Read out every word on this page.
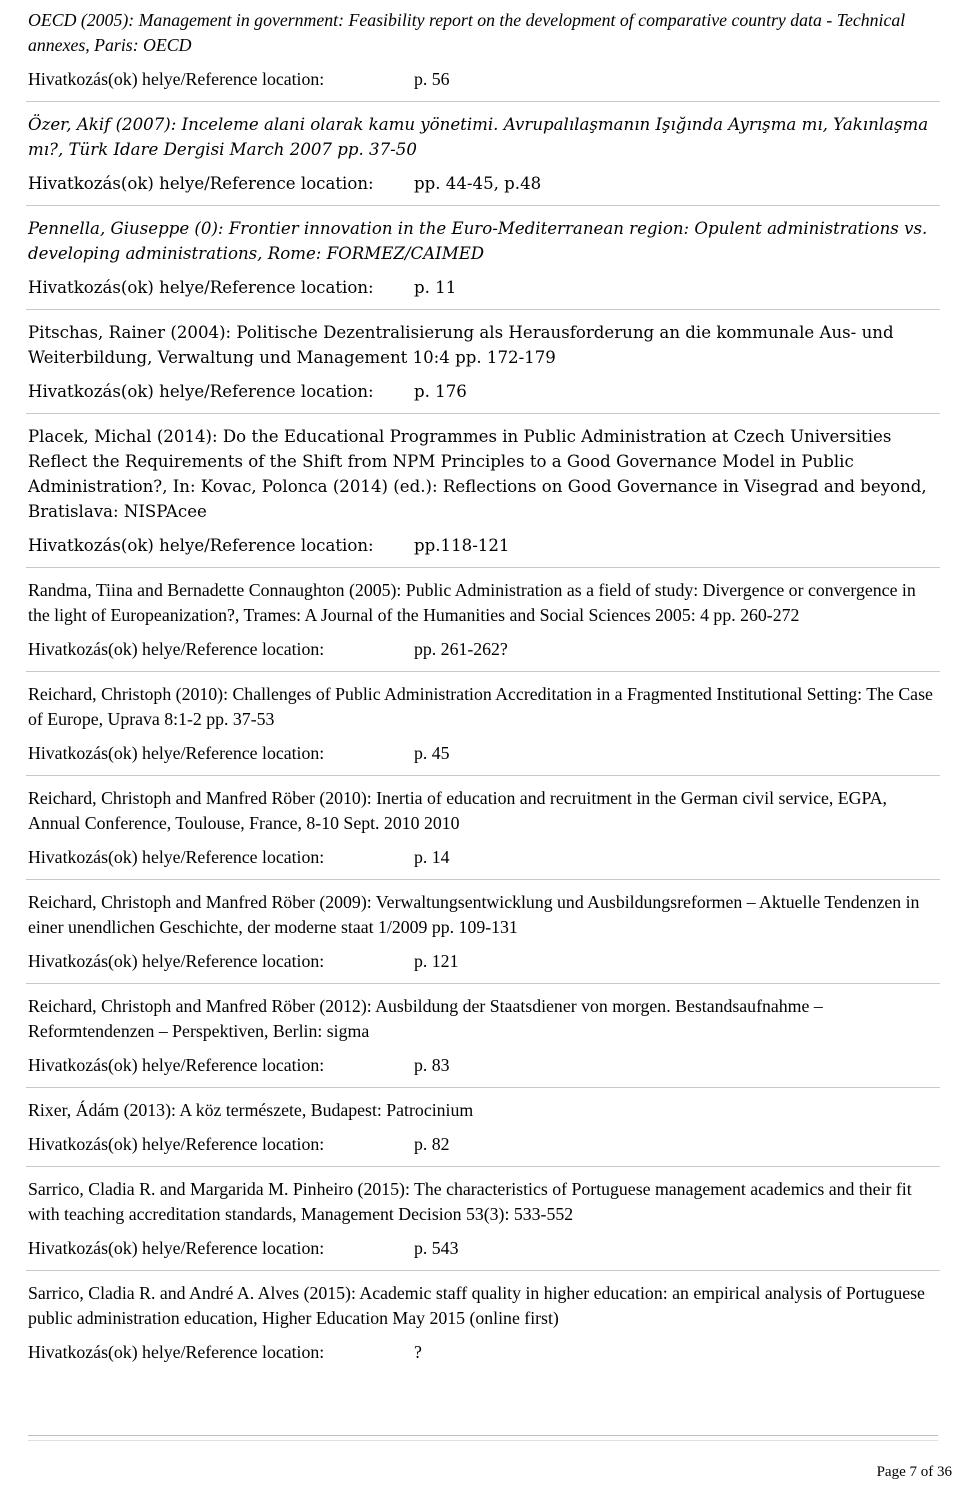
OECD (2005): Management in government: Feasibility report on the development of comparative country data - Technical annexes, Paris: OECD

Hivatkozás(ok) helye/Reference location:	p. 56

Özer, Akif (2007): Inceleme alani olarak kamu yönetimi. Avrupalılaşmanın Işığında Ayrışma mı, Yakınlaşma mı?, Türk Idare Dergisi March 2007 pp. 37-50

Hivatkozás(ok) helye/Reference location:	pp. 44-45, p.48

Pennella, Giuseppe (0): Frontier innovation in the Euro-Mediterranean region: Opulent administrations vs. developing administrations, Rome: FORMEZ/CAIMED

Hivatkozás(ok) helye/Reference location:	p. 11

Pitschas, Rainer (2004): Politische Dezentralisierung als Herausforderung an die kommunale Aus- und Weiterbildung, Verwaltung und Management 10:4 pp. 172-179

Hivatkozás(ok) helye/Reference location:	p. 176

Placek, Michal (2014): Do the Educational Programmes in Public Administration at Czech Universities Reflect the Requirements of the Shift from NPM Principles to a Good Governance Model in Public Administration?, In: Kovac, Polonca (2014) (ed.): Reflections on Good Governance in Visegrad and beyond, Bratislava: NISPAcee

Hivatkozás(ok) helye/Reference location:	pp.118-121

Randma, Tiina and Bernadette Connaughton (2005): Public Administration as a field of study: Divergence or convergence in the light of Europeanization?, Trames: A Journal of the Humanities and Social Sciences 2005: 4 pp. 260-272

Hivatkozás(ok) helye/Reference location:	pp. 261-262?

Reichard, Christoph (2010): Challenges of Public Administration Accreditation in a Fragmented Institutional Setting: The Case of Europe, Uprava 8:1-2 pp. 37-53

Hivatkozás(ok) helye/Reference location:	p. 45

Reichard, Christoph and Manfred Röber (2010): Inertia of education and recruitment in the German civil service, EGPA, Annual Conference, Toulouse, France, 8-10 Sept. 2010 2010

Hivatkozás(ok) helye/Reference location:	p. 14

Reichard, Christoph and Manfred Röber (2009): Verwaltungsentwicklung und Ausbildungsreformen – Aktuelle Tendenzen in einer unendlichen Geschichte, der moderne staat 1/2009 pp. 109-131

Hivatkozás(ok) helye/Reference location:	p. 121

Reichard, Christoph and Manfred Röber (2012): Ausbildung der Staatsdiener von morgen. Bestandsaufnahme – Reformtendenzen – Perspektiven, Berlin: sigma

Hivatkozás(ok) helye/Reference location:	p. 83

Rixer, Ádám (2013): A köz természete, Budapest: Patrocinium

Hivatkozás(ok) helye/Reference location:	p. 82

Sarrico, Cladia R. and Margarida M. Pinheiro (2015): The characteristics of Portuguese management academics and their fit with teaching accreditation standards, Management Decision 53(3): 533-552

Hivatkozás(ok) helye/Reference location:	p. 543

Sarrico, Cladia R. and André A. Alves (2015): Academic staff quality in higher education: an empirical analysis of Portuguese public administration education, Higher Education May 2015 (online first)

Hivatkozás(ok) helye/Reference location:	?
Page 7 of 36
